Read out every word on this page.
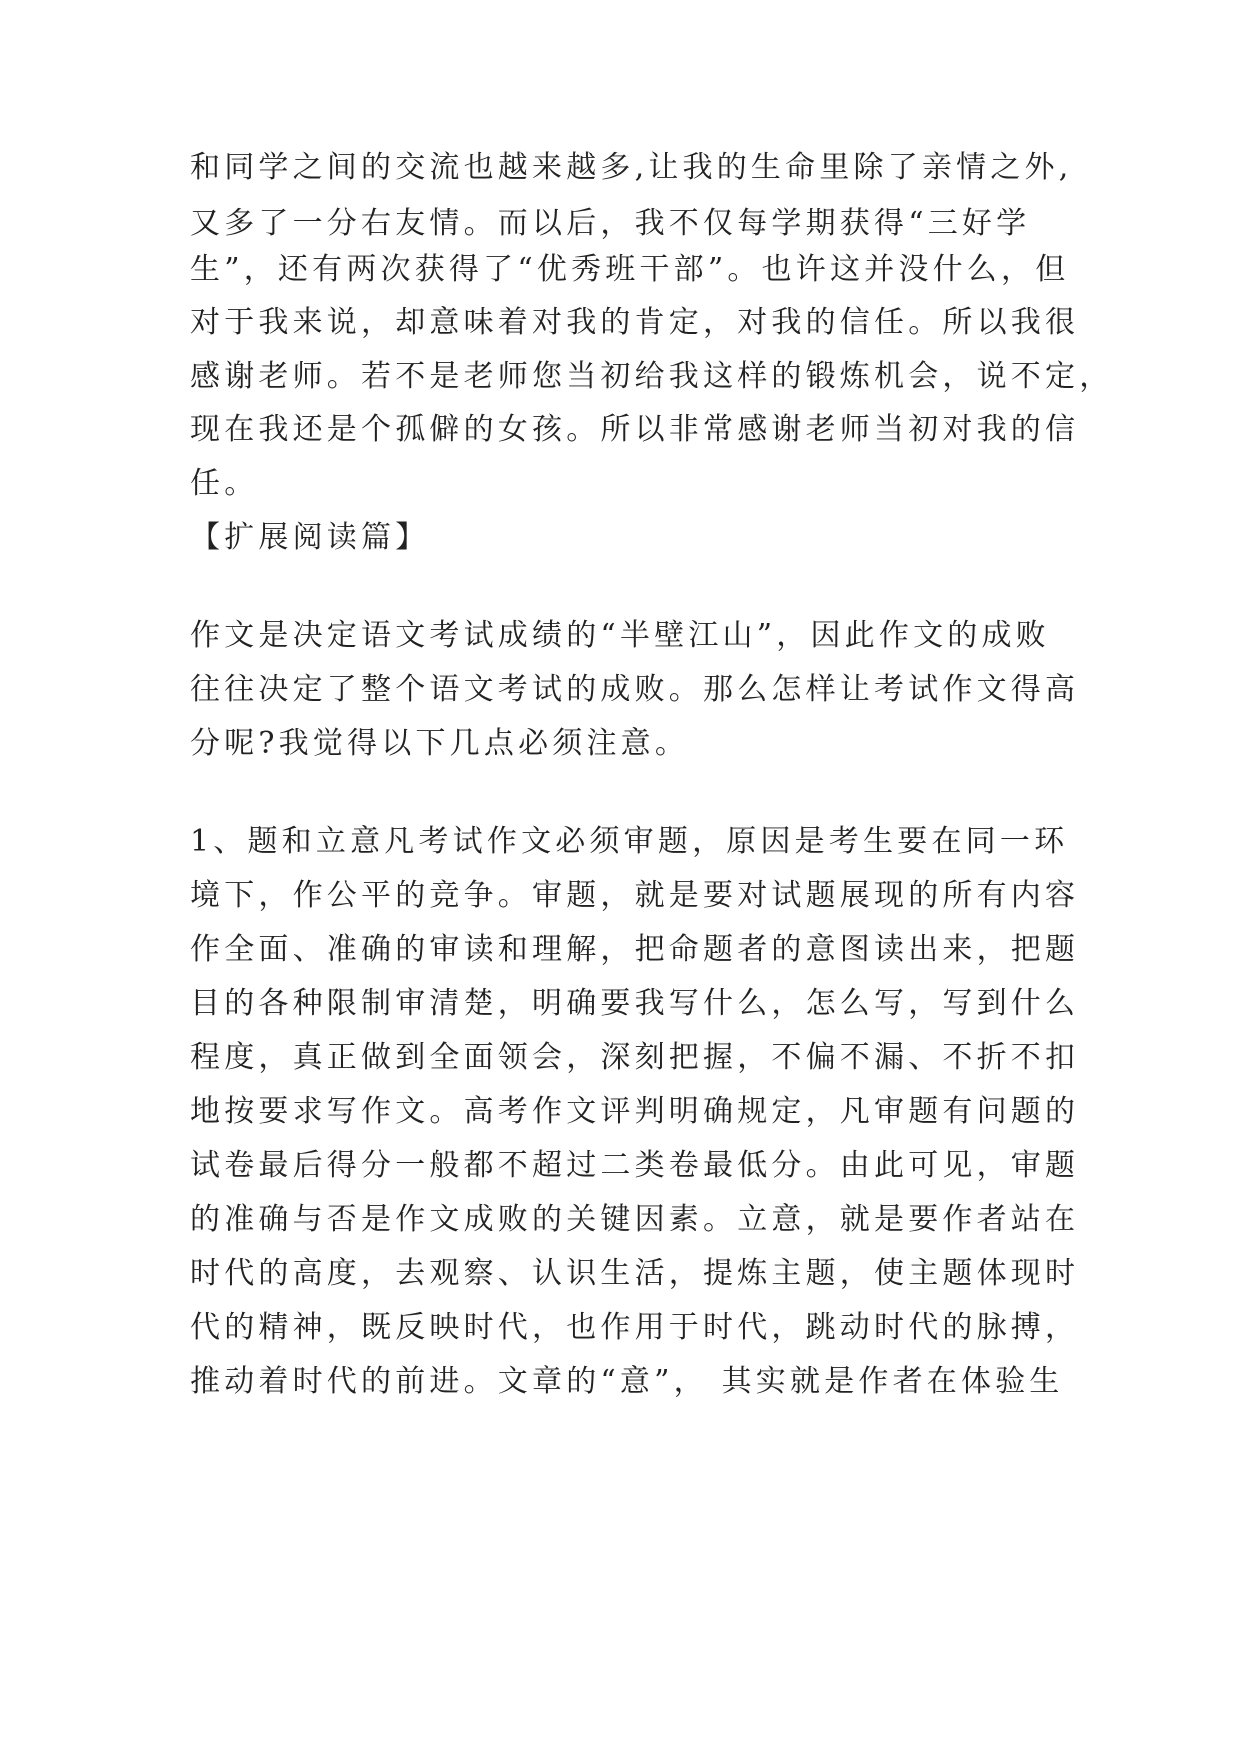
和同学之间的交流也越来越多,让我的生命里除了亲情之外,
又多了一分右友情。而以后，我不仅每学期获得“三好学
生”，还有两次获得了“优秀班干部”。也许这并没什么，但
对于我来说，却意味着对我的肯定，对我的信任。所以我很
感谢老师。若不是老师您当初给我这样的锻炼机会，说不定，
现在我还是个孤僻的女孩。所以非常感谢老师当初对我的信
任。
【扩展阅读篇】
作文是决定语文考试成绩的“半壁江山”，因此作文的成败
往往决定了整个语文考试的成败。那么怎样让考试作文得高
分呢?我觉得以下几点必须注意。
1、题和立意凡考试作文必须审题，原因是考生要在同一环
境下，作公平的竞争。审题，就是要对试题展现的所有内容
作全面、准确的审读和理解，把命题者的意图读出来，把题
目的各种限制审清楚，明确要我写什么，怎么写，写到什么
程度，真正做到全面领会，深刻把握，不偏不漏、不折不扣
地按要求写作文。高考作文评判明确规定，凡审题有问题的
试卷最后得分一般都不超过二类卷最低分。由此可见，审题
的准确与否是作文成败的关键因素。立意，就是要作者站在
时代的高度，去观察、认识生活，提炼主题，使主题体现时
代的精神，既反映时代，也作用于时代，跳动时代的脉搏，
推动着时代的前进。文章的“意”， 其实就是作者在体验生
